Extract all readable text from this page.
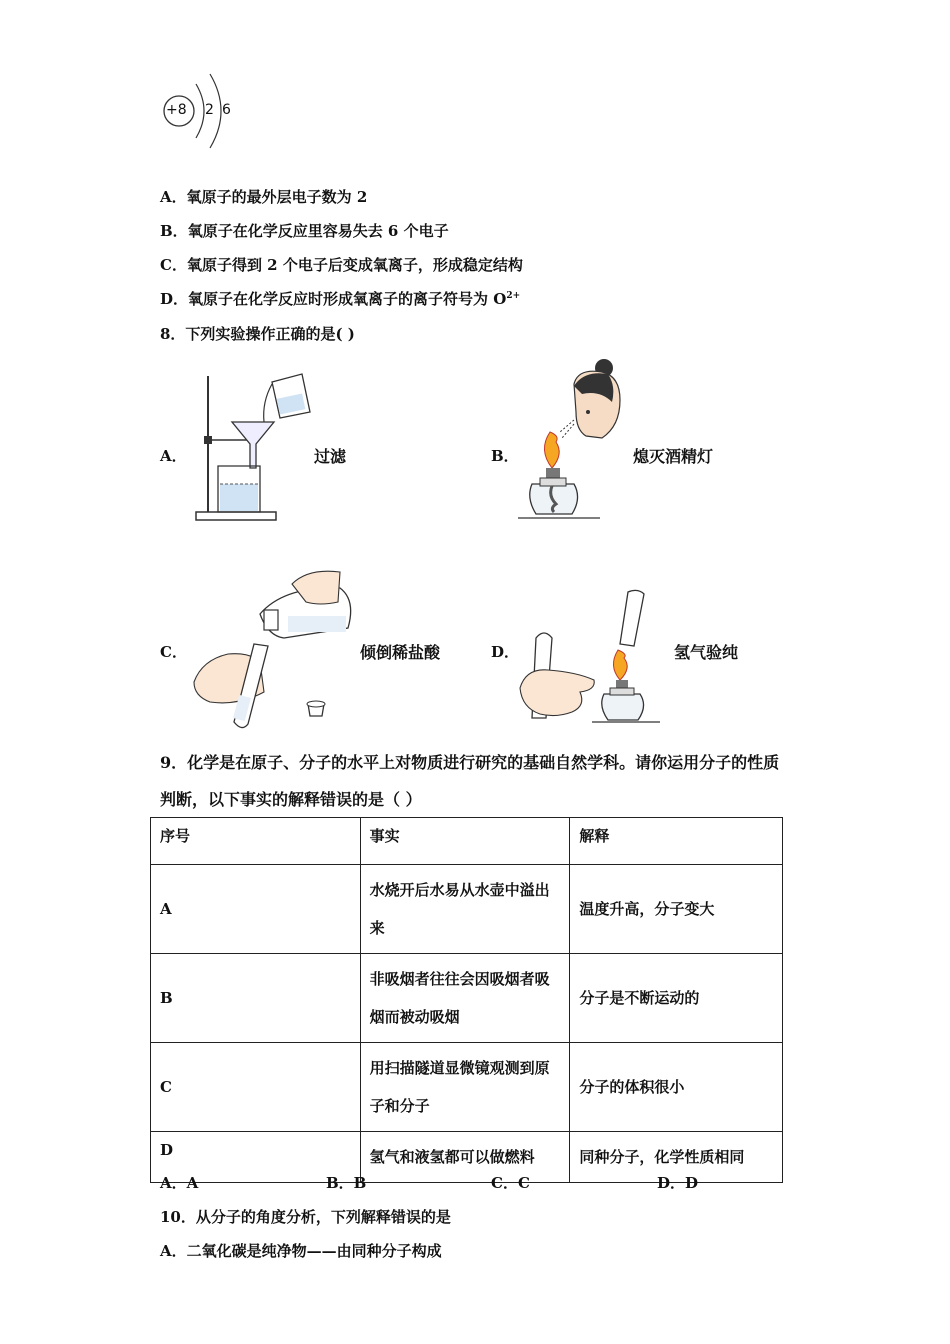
+8 2 6
A．氧原子的最外层电子数为 2
B．氧原子在化学反应里容易失去 6 个电子
C．氧原子得到 2 个电子后变成氧离子，形成稳定结构
D．氧原子在化学反应时形成氧离子的离子符号为 $O^{2+}$
8．下列实验操作正确的是( )
A．	过滤	B．	熄灭酒精灯
C．	倾倒稀盐酸	D．	氢气验纯
9．化学是在原子、分子的水平上对物质进行研究的基础自然学科。请你运用分子的性质
判断，以下事实的解释错误的是（ ）
序号	事实	解释
A	水烧开后水易从水壶中溢出来	温度升高，分子变大
B	非吸烟者往往会因吸烟者吸烟而被动吸烟	分子是不断运动的
C	用扫描隧道显微镜观测到原子和分子	分子的体积很小
D	氢气和液氢都可以做燃料	同种分子，化学性质相同
A．A	B．B	C．C	D．D
10．从分子的角度分析，下列解释错误的是
A．二氧化碳是纯净物——由同种分子构成
